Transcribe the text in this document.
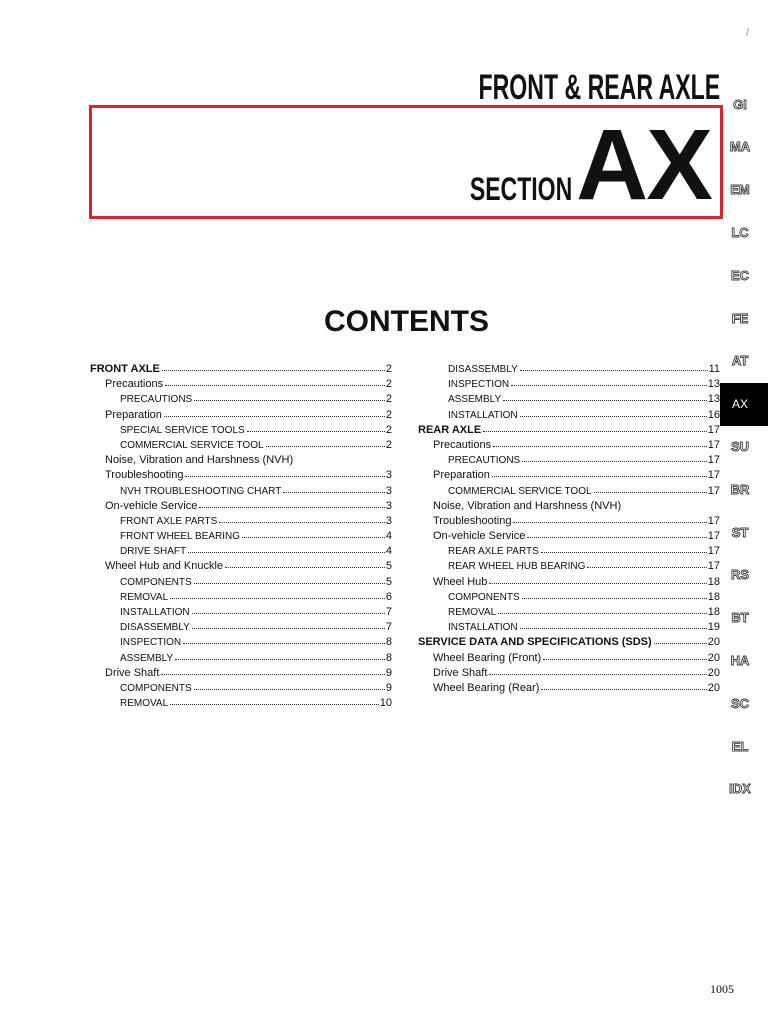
/
FRONT & REAR AXLE
SECTION AX
CONTENTS
FRONT AXLE	2
Precautions	2
PRECAUTIONS	2
Preparation	2
SPECIAL SERVICE TOOLS	2
COMMERCIAL SERVICE TOOL	2
Noise, Vibration and Harshness (NVH)
Troubleshooting	3
NVH TROUBLESHOOTING CHART	3
On-vehicle Service	3
FRONT AXLE PARTS	3
FRONT WHEEL BEARING	4
DRIVE SHAFT	4
Wheel Hub and Knuckle	5
COMPONENTS	5
REMOVAL	6
INSTALLATION	7
DISASSEMBLY	7
INSPECTION	8
ASSEMBLY	8
Drive Shaft	9
COMPONENTS	9
REMOVAL	10
DISASSEMBLY	11
INSPECTION	13
ASSEMBLY	13
INSTALLATION	16
REAR AXLE	17
Precautions	17
PRECAUTIONS	17
Preparation	17
COMMERCIAL SERVICE TOOL	17
Noise, Vibration and Harshness (NVH)
Troubleshooting	17
On-vehicle Service	17
REAR AXLE PARTS	17
REAR WHEEL HUB BEARING	17
Wheel Hub	18
COMPONENTS	18
REMOVAL	18
INSTALLATION	19
SERVICE DATA AND SPECIFICATIONS (SDS)	20
Wheel Bearing (Front)	20
Drive Shaft	20
Wheel Bearing (Rear)	20
GI
MA
EM
LC
EC
FE
AT
AX
SU
BR
ST
RS
BT
HA
SC
EL
IDX
1005
